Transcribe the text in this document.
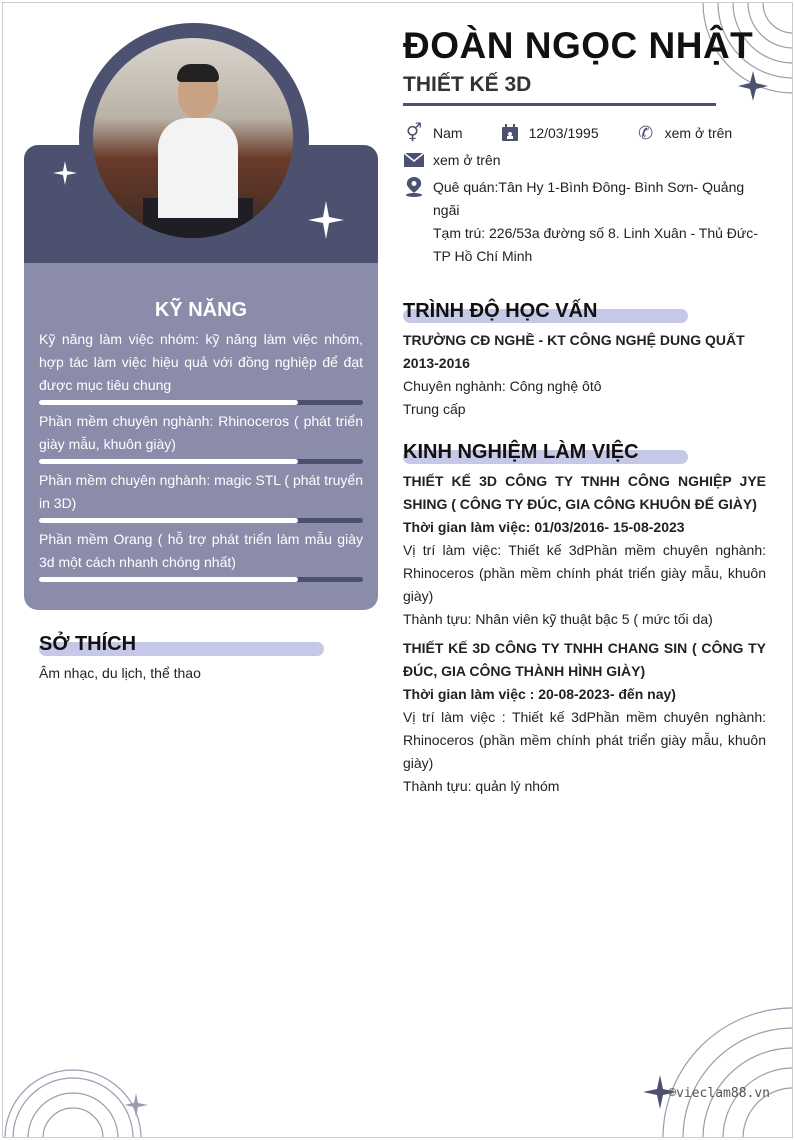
KỸ NĂNG
Kỹ năng làm việc nhóm: kỹ năng làm việc nhóm, hợp tác làm việc hiệu quả với đồng nghiệp để đạt được mục tiêu chung
Phần mềm chuyên nghành: Rhinoceros ( phát triển giày mẫu, khuôn giày)
Phần mềm chuyên nghành: magic STL ( phát truyển in 3D)
Phần mềm Orang ( hỗ trợ phát triển làm mẫu giày 3d một cách nhanh chóng nhất)
SỞ THÍCH
Âm nhạc, du lịch, thể thao
ĐOÀN NGỌC NHẬT
THIẾT KẾ 3D
⚥ Nam	12/03/1995 ✆ xem ở trên
xem ở trên
Quê quán:Tân Hy 1-Bình Đông- Bình Sơn- Quảng ngãi
Tạm trú: 226/53a đường số 8. Linh Xuân - Thủ Đức-TP Hồ Chí Minh
TRÌNH ĐỘ HỌC VẤN
TRƯỜNG CĐ NGHỀ - KT CÔNG NGHỆ DUNG QUẤT
2013-2016
Chuyên nghành: Công nghệ ôtô
Trung cấp
KINH NGHIỆM LÀM VIỆC
THIẾT KẾ 3D CÔNG TY TNHH CÔNG NGHIỆP JYE SHING ( CÔNG TY ĐÚC, GIA CÔNG KHUÔN ĐẾ GIÀY)
Thời gian làm việc: 01/03/2016- 15-08-2023
Vị trí làm việc: Thiết kế 3dPhần mềm chuyên nghành: Rhinoceros (phần mềm chính phát triển giày mẫu, khuôn giày)
Thành tựu: Nhân viên kỹ thuật bậc 5 ( mức tối da)
THIẾT KẾ 3D CÔNG TY TNHH CHANG SIN ( CÔNG TY ĐÚC, GIA CÔNG THÀNH HÌNH GIÀY)
Thời gian làm việc : 20-08-2023- đến nay)
Vị trí làm việc : Thiết kế 3dPhần mềm chuyên nghành: Rhinoceros (phần mềm chính phát triển giày mẫu, khuôn giày)
Thành tựu: quản lý nhóm
©vieclam88.vn
